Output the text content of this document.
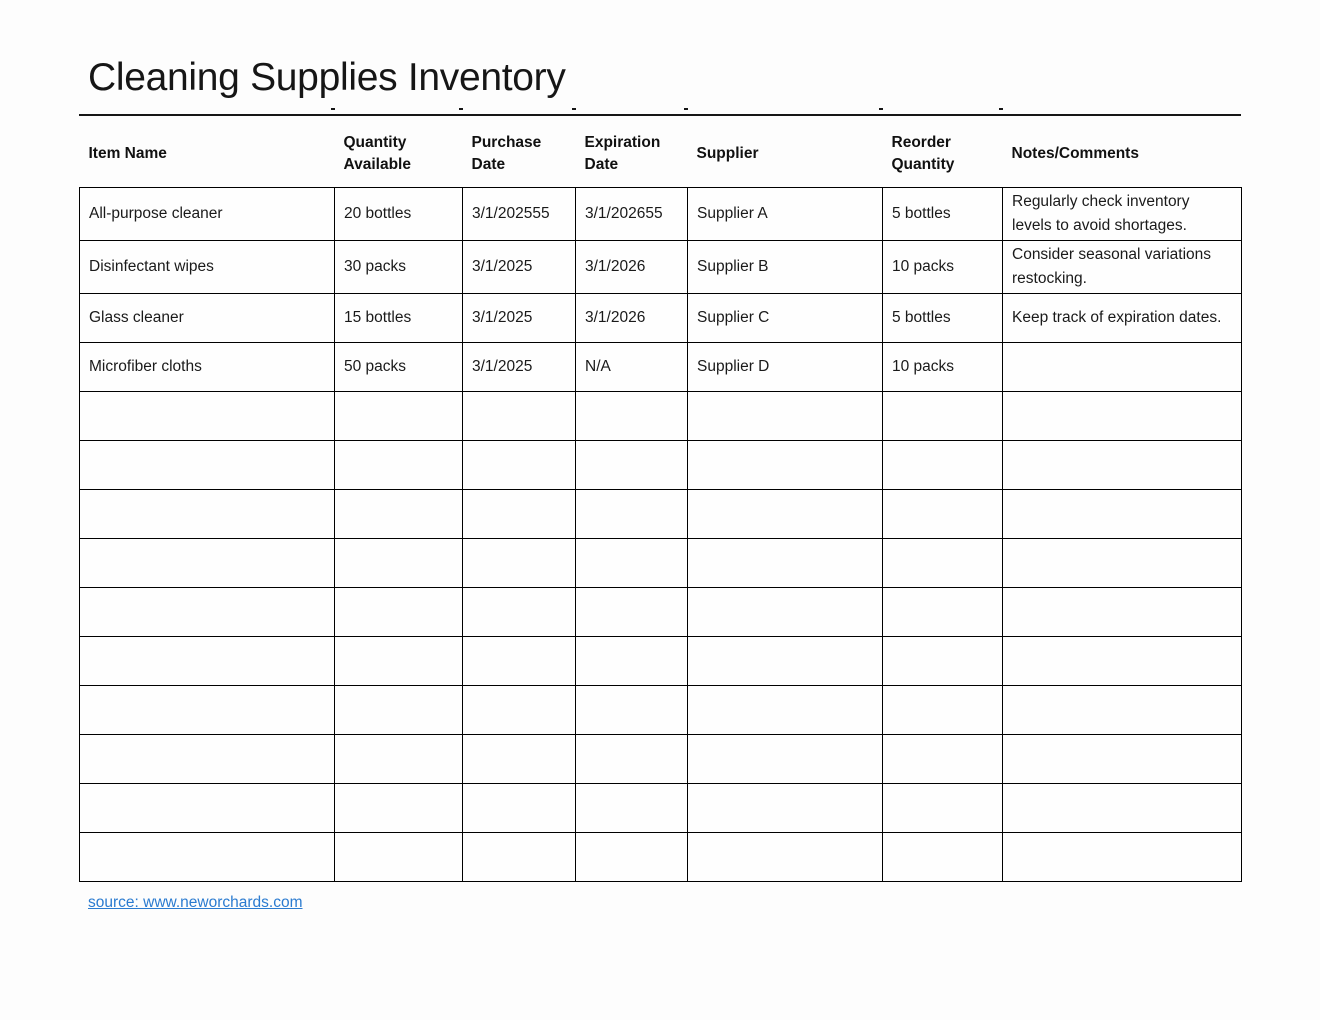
Cleaning Supplies Inventory
Item Name	Quantity Available	Purchase Date	Expiration Date	Supplier	Reorder Quantity	Notes/Comments
All-purpose cleaner	20 bottles	3/1/202555	3/1/202655	Supplier A	5 bottles	Regularly check inventory levels to avoid shortages.
Disinfectant wipes	30 packs	3/1/2025	3/1/2026	Supplier B	10 packs	Consider seasonal variations restocking.
Glass cleaner	15 bottles	3/1/2025	3/1/2026	Supplier C	5 bottles	Keep track of expiration dates.
Microfiber cloths	50 packs	3/1/2025	N/A	Supplier D	10 packs	

source: www.neworchards.com
